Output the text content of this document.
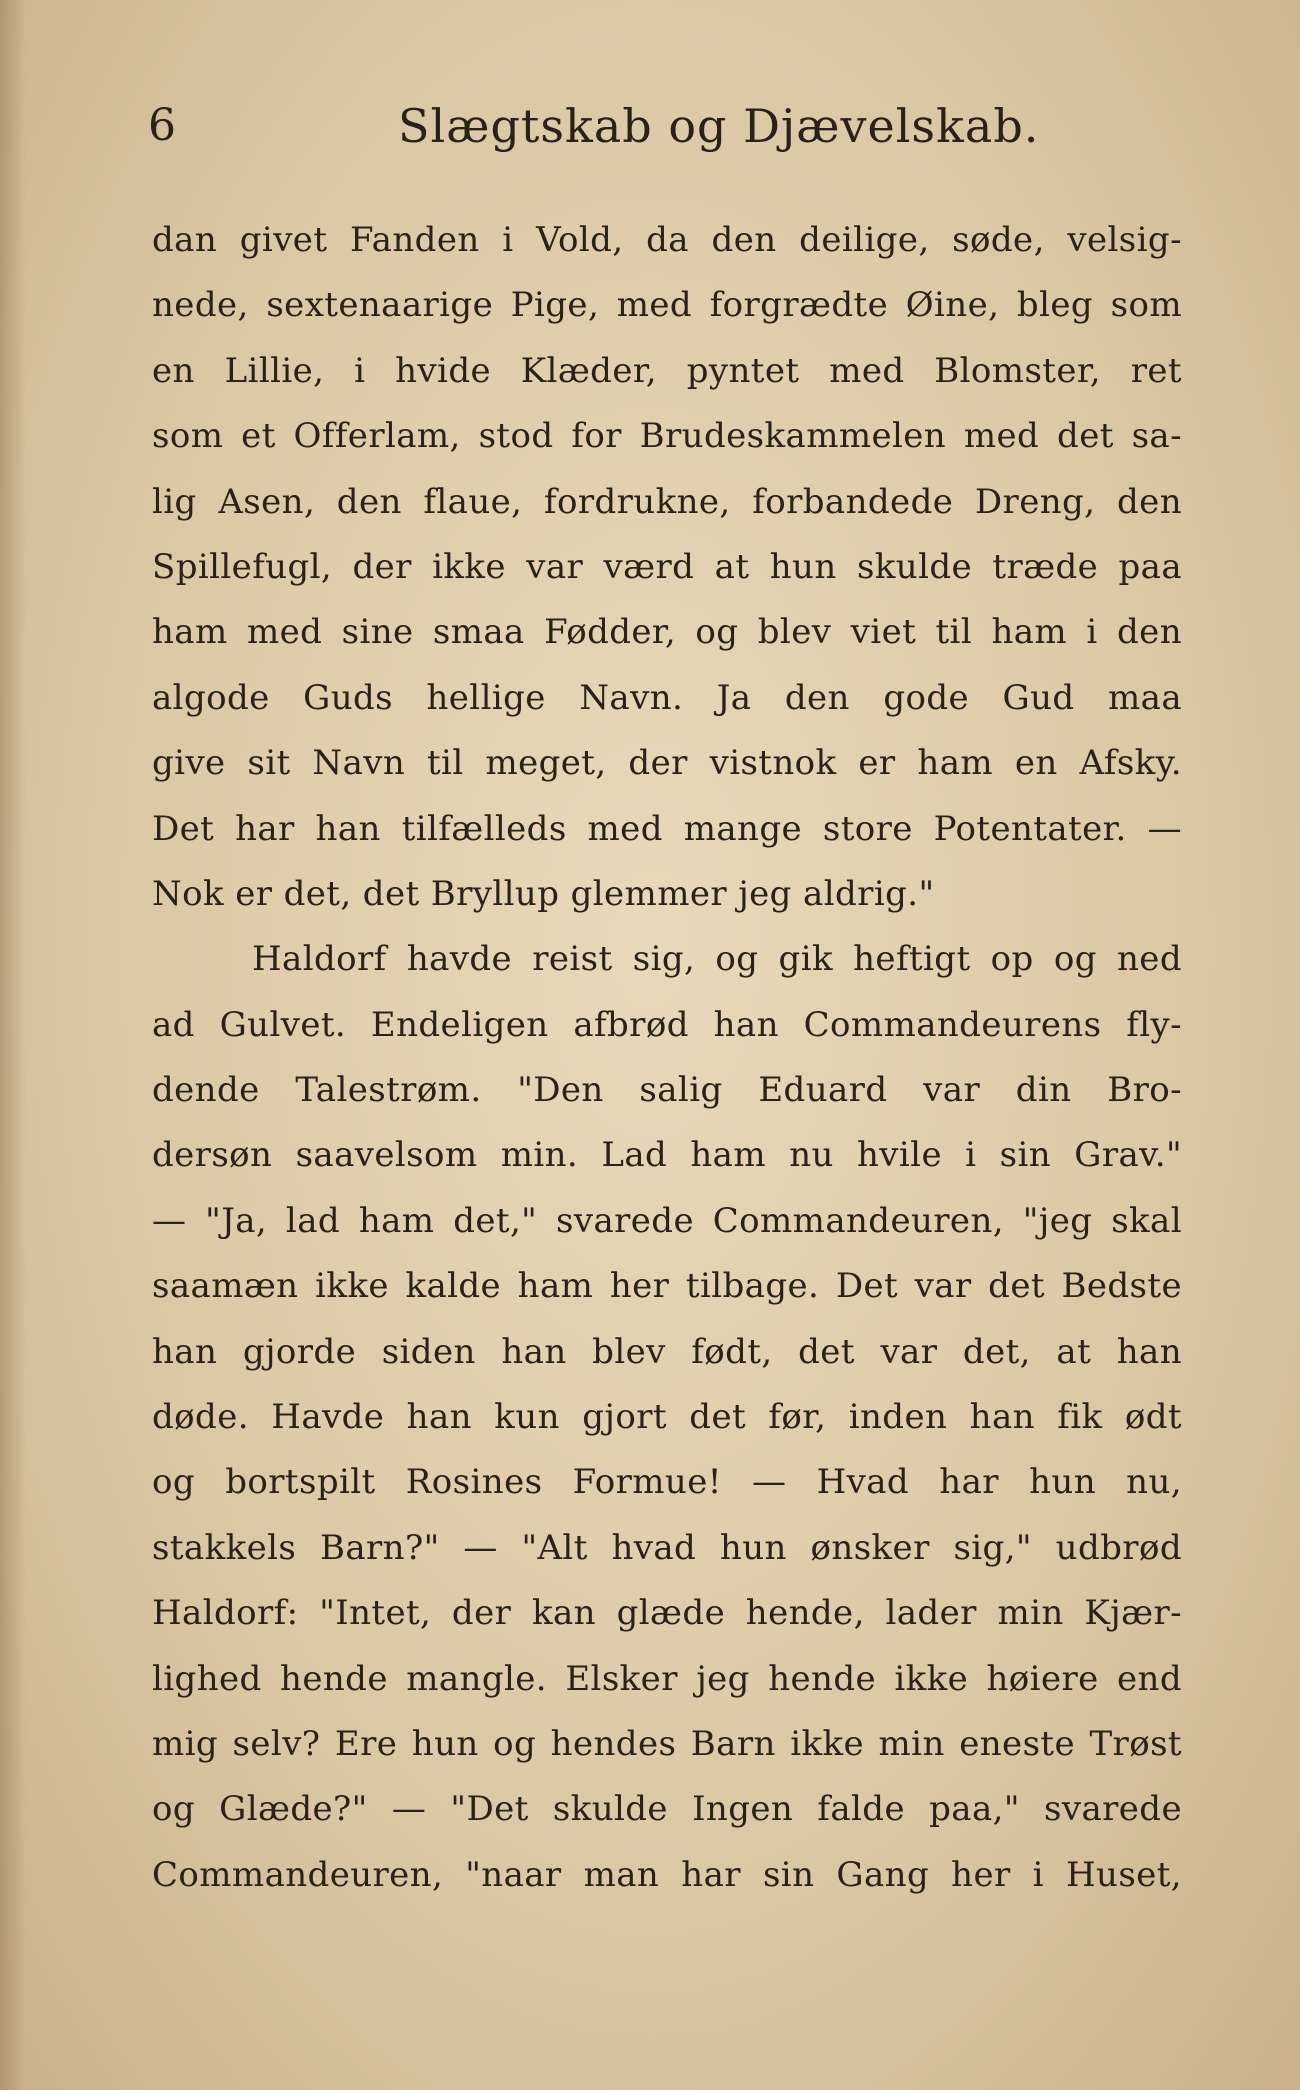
6	Slægtskab og Djævelskab.
dan givet Fanden i Vold, da den deilige, søde, velsig-
nede, sextenaarige Pige, med forgrædte Øine, bleg som
en Lillie, i hvide Klæder, pyntet med Blomster, ret
som et Offerlam, stod for Brudeskammelen med det sa-
lig Asen, den flaue, fordrukne, forbandede Dreng, den
Spillefugl, der ikke var værd at hun skulde træde paa
ham med sine smaa Fødder, og blev viet til ham i den
algode Guds hellige Navn. Ja den gode Gud maa
give sit Navn til meget, der vistnok er ham en Afsky.
Det har han tilfælleds med mange store Potentater. —
Nok er det, det Bryllup glemmer jeg aldrig."
Haldorf havde reist sig, og gik heftigt op og ned
ad Gulvet. Endeligen afbrød han Commandeurens fly-
dende Talestrøm. "Den salig Eduard var din Bro-
dersøn saavelsom min. Lad ham nu hvile i sin Grav."
— "Ja, lad ham det," svarede Commandeuren, "jeg skal
saamæn ikke kalde ham her tilbage. Det var det Bedste
han gjorde siden han blev født, det var det, at han
døde. Havde han kun gjort det før, inden han fik ødt
og bortspilt Rosines Formue! — Hvad har hun nu,
stakkels Barn?" — "Alt hvad hun ønsker sig," udbrød
Haldorf: "Intet, der kan glæde hende, lader min Kjær-
lighed hende mangle. Elsker jeg hende ikke høiere end
mig selv? Ere hun og hendes Barn ikke min eneste Trøst
og Glæde?" — "Det skulde Ingen falde paa," svarede
Commandeuren, "naar man har sin Gang her i Huset,
